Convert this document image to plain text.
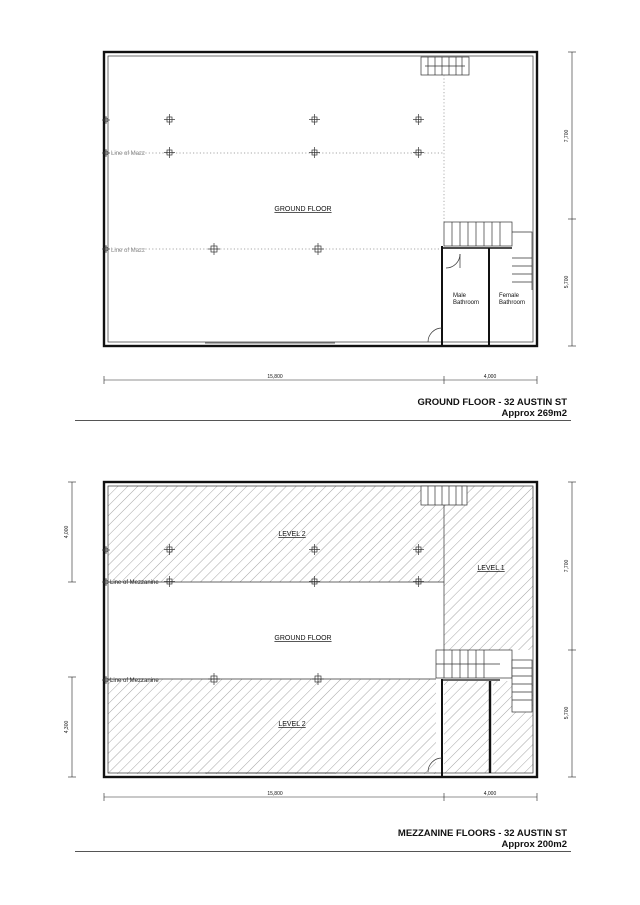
GROUND FLOOR
Line of Mazz
Line of Mazz
Male
Bathroom
Female
Bathroom
15,800	4,000
7,700
5,700
LEVEL 2
LEVEL 1
GROUND FLOOR
LEVEL 2
Line of Mezzanine
Line of Mezzanine
4,000
4,300
15,800	4,000
7,700
5,700
GROUND FLOOR - 32 AUSTIN ST
Approx 269m2
MEZZANINE FLOORS - 32 AUSTIN ST
Approx 200m2
